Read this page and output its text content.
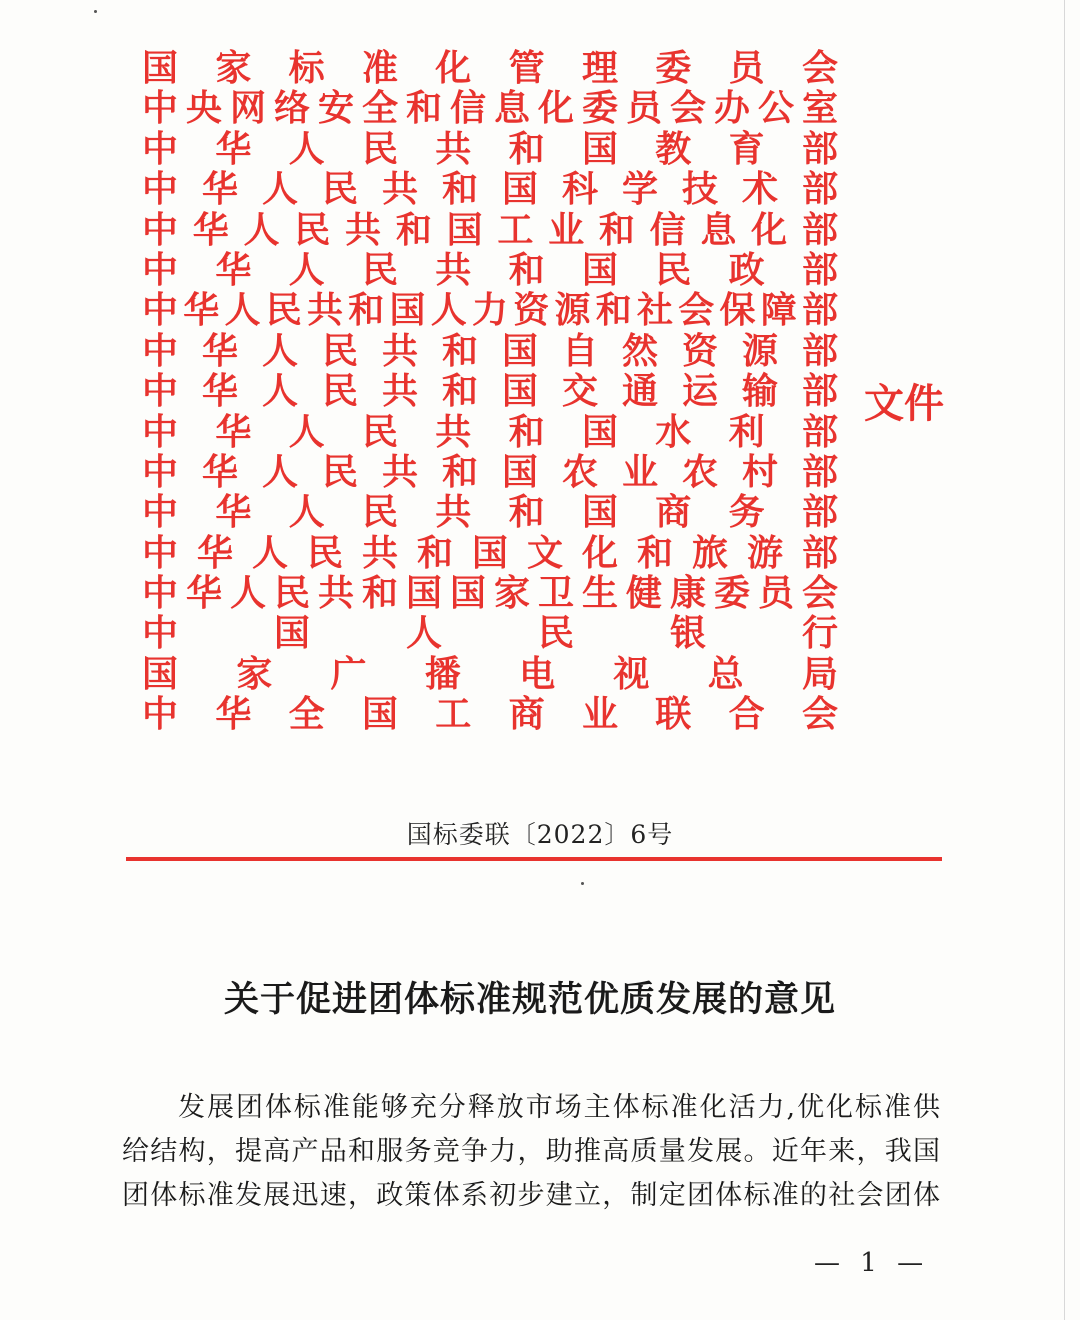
国 家 标 准 化 管 理 委 员 会
中 央 网 络 安 全 和 信 息 化 委 员 会 办 公 室
中 华 人 民 共 和 国 教 育 部
中 华 人 民 共 和 国 科 学 技 术 部
中 华 人 民 共 和 国 工 业 和 信 息 化 部
中 华 人 民 共 和 国 民 政 部
中 华 人 民 共 和 国 人 力 资 源 和 社 会 保 障 部
中 华 人 民 共 和 国 自 然 资 源 部
中 华 人 民 共 和 国 交 通 运 输 部
中 华 人 民 共 和 国 水 利 部
中 华 人 民 共 和 国 农 业 农 村 部
中 华 人 民 共 和 国 商 务 部
中 华 人 民 共 和 国 文 化 和 旅 游 部
中 华 人 民 共 和 国 国 家 卫 生 健 康 委 员 会
中	国	人	民	银	行
国 家 广 播 电 视 总 局
中 华 全 国 工 商 业 联 合 会
文件
国标委联〔2022〕6号
关于促进团体标准规范优质发展的意见
发展团体标准能够充分释放市场主体标准化活力,优化标准供
给结构，提高产品和服务竞争力，助推高质量发展。近年来，我国
团体标准发展迅速，政策体系初步建立，制定团体标准的社会团体
— 1 —
